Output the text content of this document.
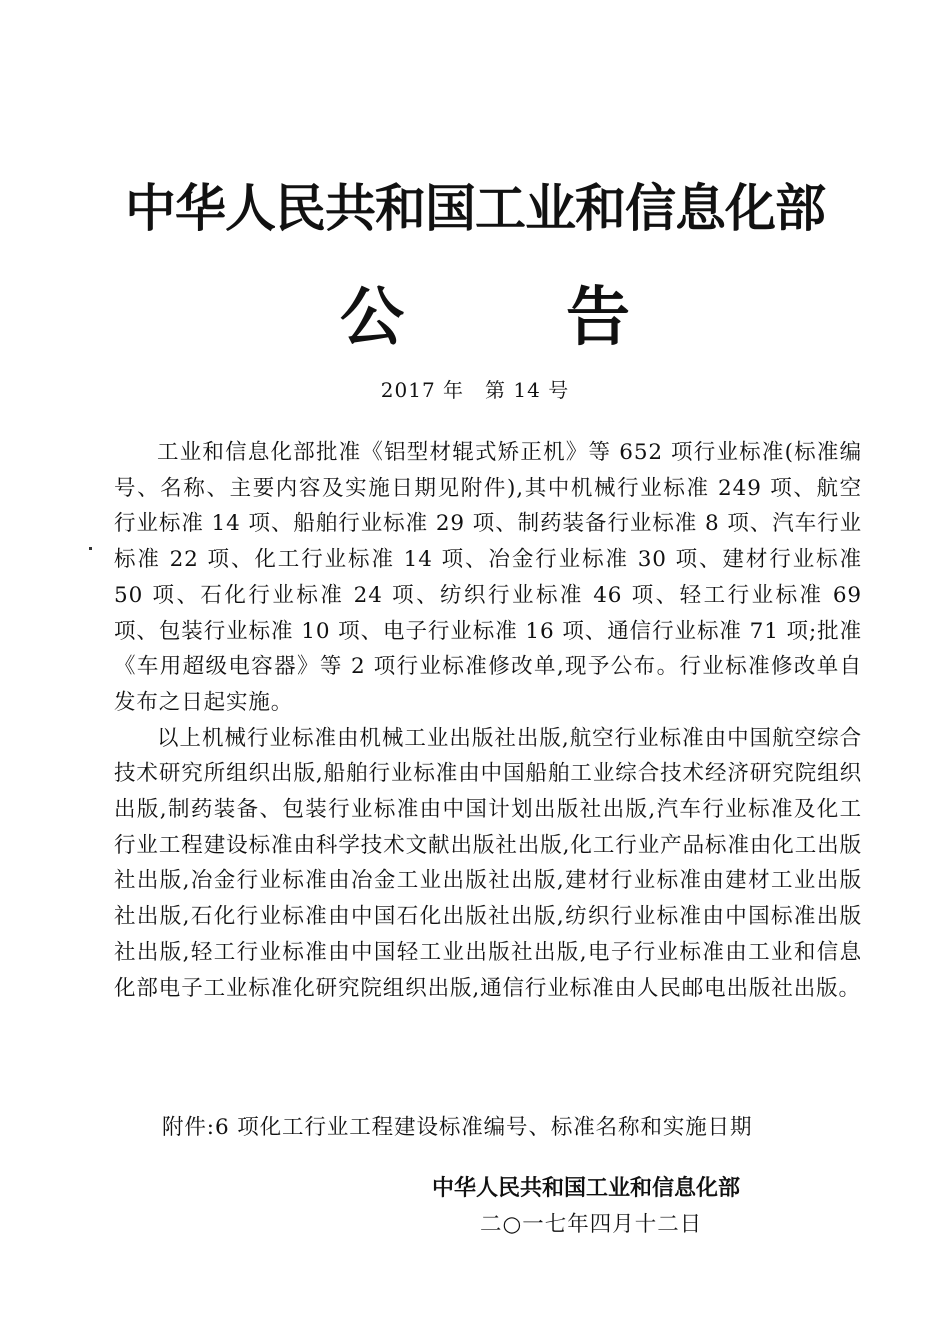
中华人民共和国工业和信息化部
公	告
2017 年　第 14 号

工业和信息化部批准《铝型材辊式矫正机》等 652 项行业标准(标准编号、名称、主要内容及实施日期见附件),其中机械行业标准 249 项、航空行业标准 14 项、船舶行业标准 29 项、制药装备行业标准 8 项、汽车行业标准 22 项、化工行业标准 14 项、冶金行业标准 30 项、建材行业标准 50 项、石化行业标准 24 项、纺织行业标准 46 项、轻工行业标准 69 项、包装行业标准 10 项、电子行业标准 16 项、通信行业标准 71 项;批准《车用超级电容器》等 2 项行业标准修改单,现予公布。行业标准修改单自发布之日起实施。

以上机械行业标准由机械工业出版社出版,航空行业标准由中国航空综合技术研究所组织出版,船舶行业标准由中国船舶工业综合技术经济研究院组织出版,制药装备、包装行业标准由中国计划出版社出版,汽车行业标准及化工行业工程建设标准由科学技术文献出版社出版,化工行业产品标准由化工出版社出版,冶金行业标准由冶金工业出版社出版,建材行业标准由建材工业出版社出版,石化行业标准由中国石化出版社出版,纺织行业标准由中国标准出版社出版,轻工行业标准由中国轻工业出版社出版,电子行业标准由工业和信息化部电子工业标准化研究院组织出版,通信行业标准由人民邮电出版社出版。

附件:6 项化工行业工程建设标准编号、标准名称和实施日期
中华人民共和国工业和信息化部
二○一七年四月十二日
